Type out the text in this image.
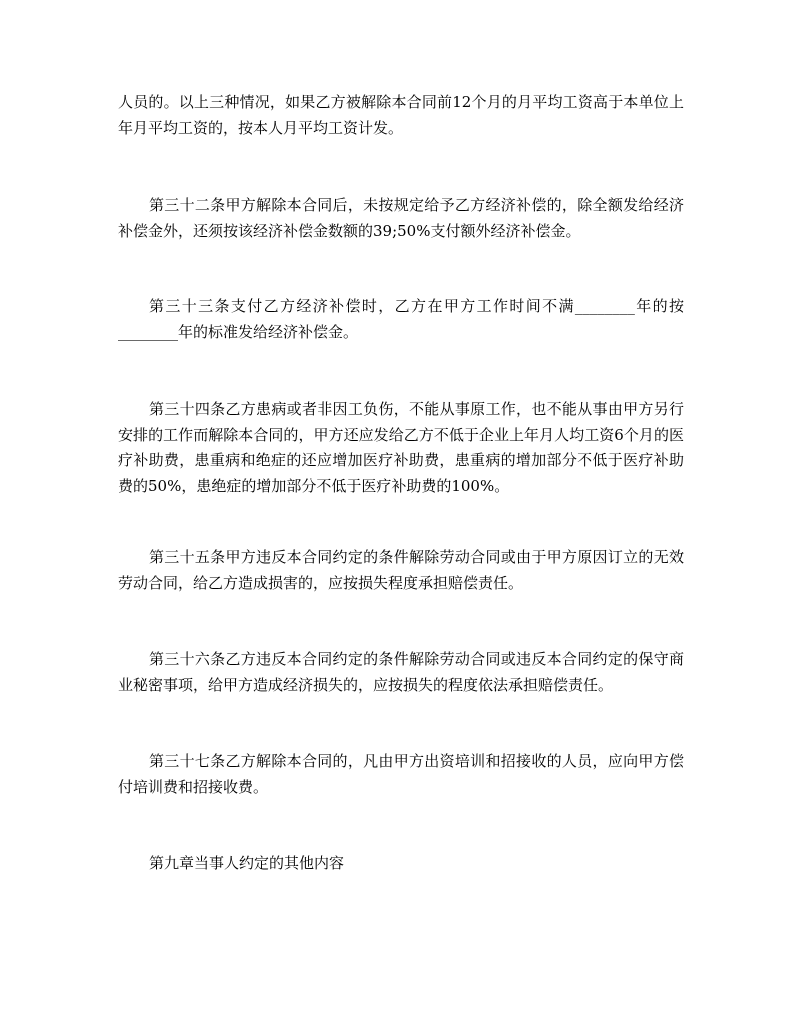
人员的。以上三种情况，如果乙方被解除本合同前12个月的月平均工资高于本单位上年月平均工资的，按本人月平均工资计发。

第三十二条甲方解除本合同后，未按规定给予乙方经济补偿的，除全额发给经济补偿金外，还须按该经济补偿金数额的39;50%支付额外经济补偿金。

第三十三条支付乙方经济补偿时，乙方在甲方工作时间不满________年的按________年的标准发给经济补偿金。

第三十四条乙方患病或者非因工负伤，不能从事原工作，也不能从事由甲方另行安排的工作而解除本合同的，甲方还应发给乙方不低于企业上年月人均工资6个月的医疗补助费，患重病和绝症的还应增加医疗补助费，患重病的增加部分不低于医疗补助费的50%，患绝症的增加部分不低于医疗补助费的100%。

第三十五条甲方违反本合同约定的条件解除劳动合同或由于甲方原因订立的无效劳动合同，给乙方造成损害的，应按损失程度承担赔偿责任。

第三十六条乙方违反本合同约定的条件解除劳动合同或违反本合同约定的保守商业秘密事项，给甲方造成经济损失的，应按损失的程度依法承担赔偿责任。

第三十七条乙方解除本合同的，凡由甲方出资培训和招接收的人员，应向甲方偿付培训费和招接收费。

第九章当事人约定的其他内容
